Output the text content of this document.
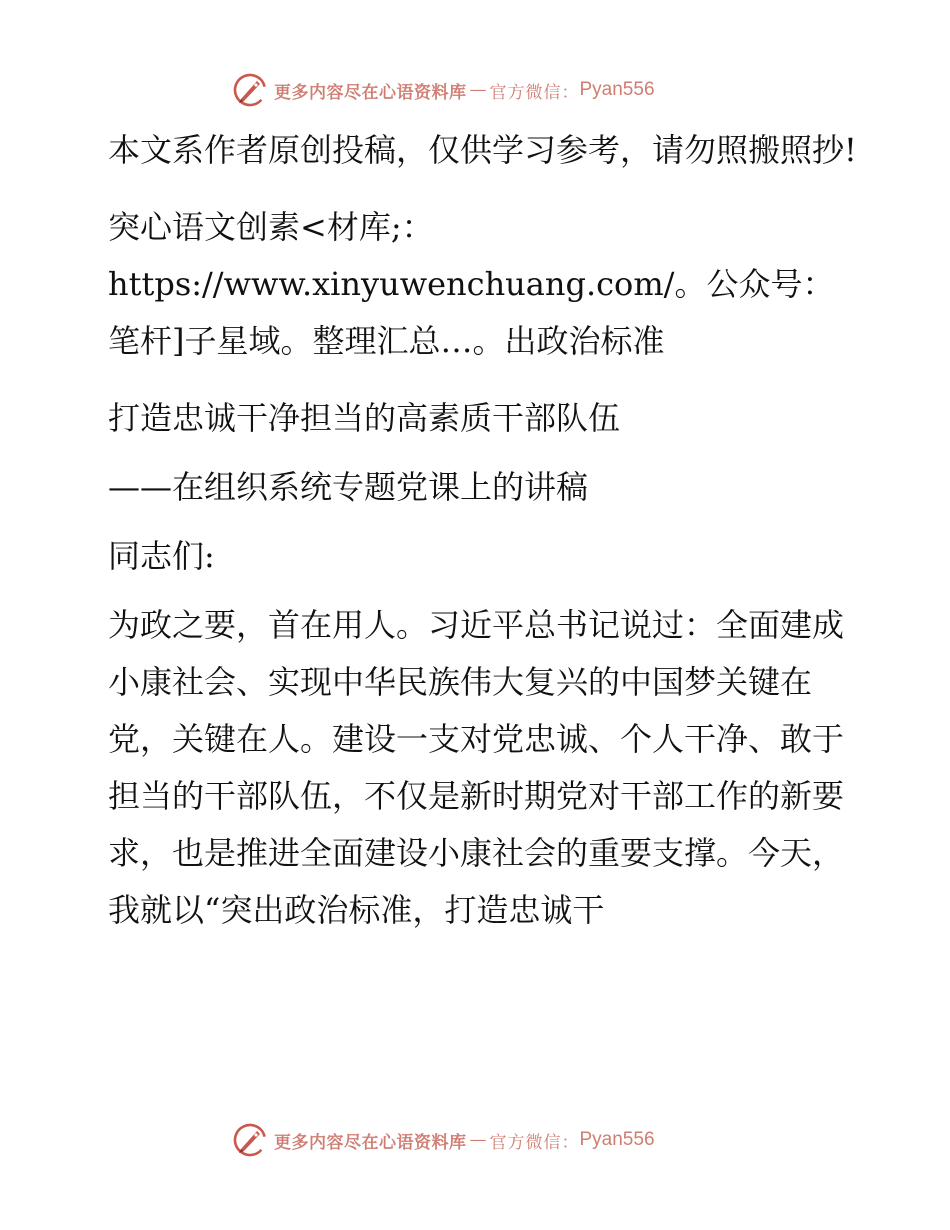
更多内容尽在心语资料库 — 官方微信： Pyan556

本文系作者原创投稿，仅供学习参考，请勿照搬照抄!

突心语文创素<材库;：https://www.xinyuwenchuang.com/。公众号：笔杆]子星域。整理汇总…。出政治标准

打造忠诚干净担当的高素质干部队伍

——在组织系统专题党课上的讲稿

同志们:

为政之要，首在用人。习近平总书记说过：全面建成小康社会、实现中华民族伟大复兴的中国梦关键在党，关键在人。建设一支对党忠诚、个人干净、敢于担当的干部队伍，不仅是新时期党对干部工作的新要求，也是推进全面建设小康社会的重要支撑。今天，我就以“突出政治标准，打造忠诚干

更多内容尽在心语资料库 — 官方微信： Pyan556
